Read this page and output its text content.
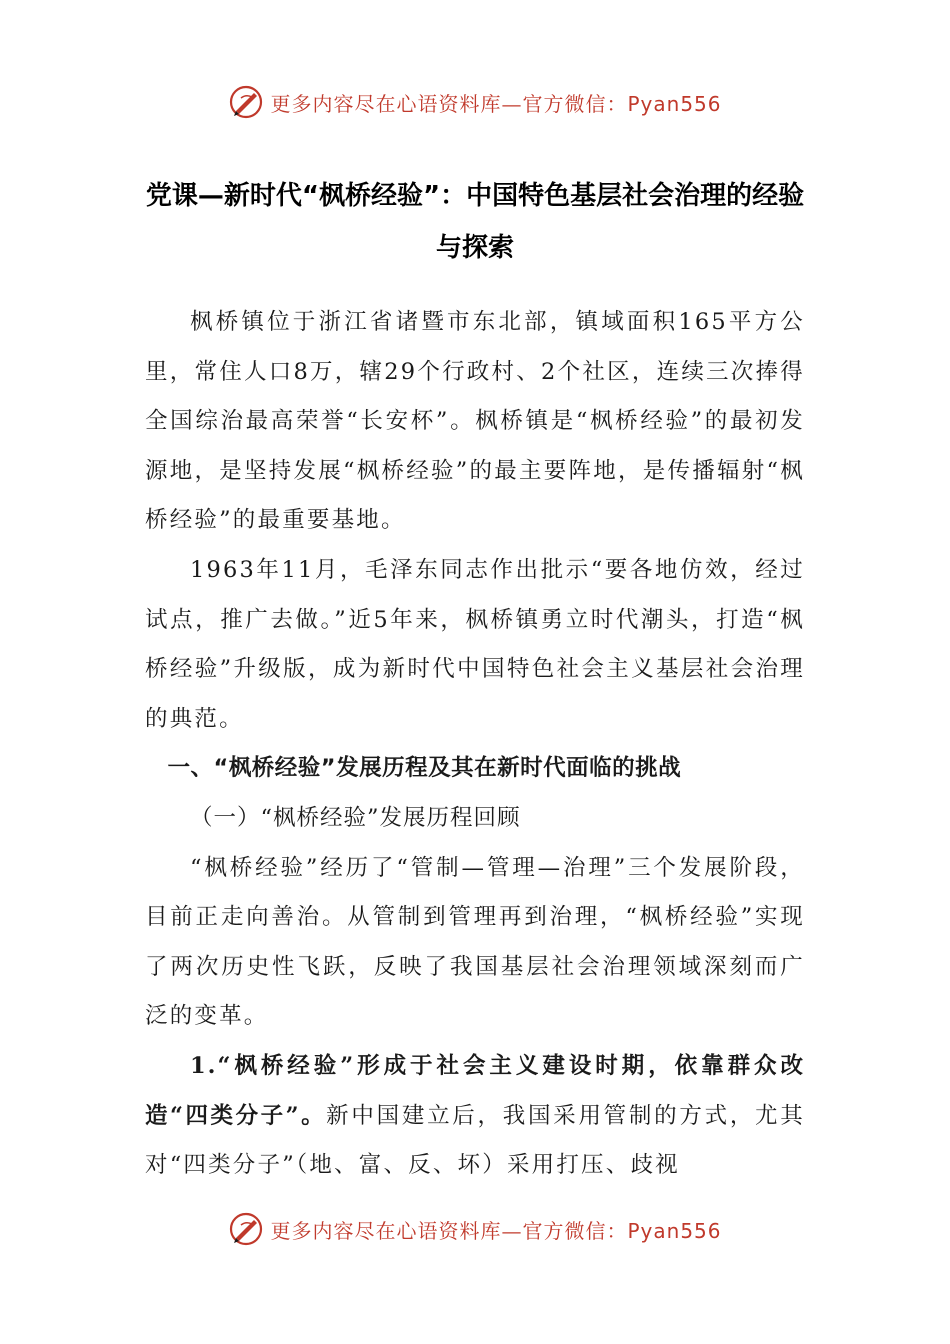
更多内容尽在心语资料库—官方微信：Pyan556
党课—新时代“枫桥经验”：中国特色基层社会治理的经验与探索

枫桥镇位于浙江省诸暨市东北部，镇域面积165平方公里，常住人口8万，辖29个行政村、2个社区，连续三次捧得全国综治最高荣誉“长安杯”。枫桥镇是“枫桥经验”的最初发源地，是坚持发展“枫桥经验”的最主要阵地，是传播辐射“枫桥经验”的最重要基地。

1963年11月，毛泽东同志作出批示“要各地仿效，经过试点，推广去做。”近5年来，枫桥镇勇立时代潮头，打造“枫桥经验”升级版，成为新时代中国特色社会主义基层社会治理的典范。

一、“枫桥经验”发展历程及其在新时代面临的挑战

（一）“枫桥经验”发展历程回顾

“枫桥经验”经历了“管制—管理—治理”三个发展阶段，目前正走向善治。从管制到管理再到治理，“枫桥经验”实现了两次历史性飞跃，反映了我国基层社会治理领域深刻而广泛的变革。

1.“枫桥经验”形成于社会主义建设时期，依靠群众改造“四类分子”。新中国建立后，我国采用管制的方式，尤其对“四类分子”（地、富、反、坏）采用打压、歧视

更多内容尽在心语资料库—官方微信：Pyan556
